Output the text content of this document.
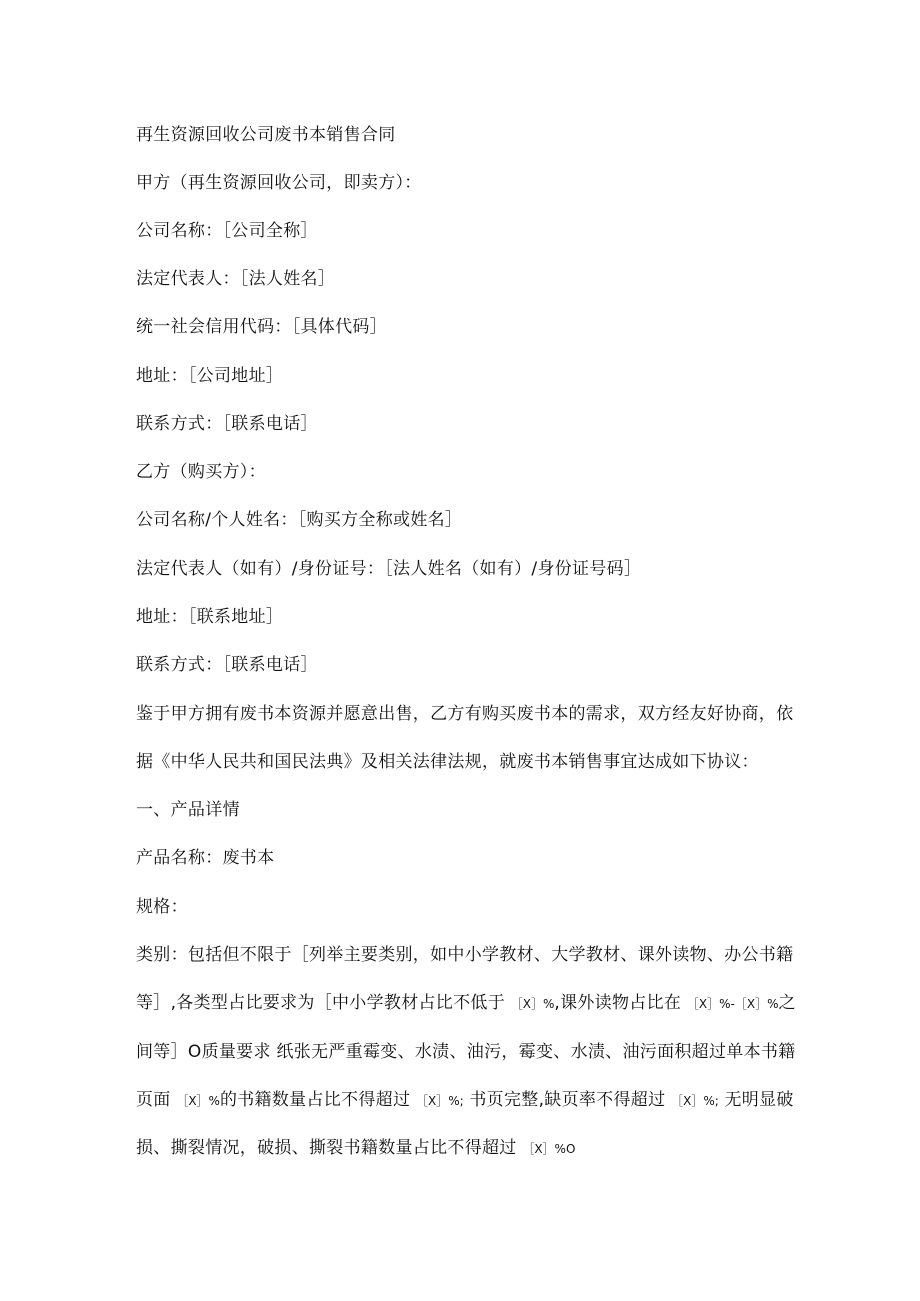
再生资源回收公司废书本销售合同

甲方（再生资源回收公司，即卖方）：

公司名称：［公司全称］

法定代表人：［法人姓名］

统一社会信用代码：［具体代码］

地址：［公司地址］

联系方式：［联系电话］

乙方（购买方）：

公司名称/个人姓名：［购买方全称或姓名］

法定代表人（如有）/身份证号：［法人姓名（如有）/身份证号码］

地址：［联系地址］

联系方式：［联系电话］

鉴于甲方拥有废书本资源并愿意出售，乙方有购买废书本的需求，双方经友好协商，依

据《中华人民共和国民法典》及相关法律法规，就废书本销售事宜达成如下协议：

一、产品详情

产品名称：废书本

规格：

类别：包括但不限于［列举主要类别，如中小学教材、大学教材、课外读物、办公书籍

等］,各类型占比要求为［中小学教材占比不低于 ［X］%,课外读物占比在 ［X］%-［X］%之

间等］O质量要求 纸张无严重霉变、水渍、油污，霉变、水渍、油污面积超过单本书籍

页面 ［X］%的书籍数量占比不得超过 ［X］%; 书页完整,缺页率不得超过 ［X］%; 无明显破

损、撕裂情况，破损、撕裂书籍数量占比不得超过 ［X］%O
